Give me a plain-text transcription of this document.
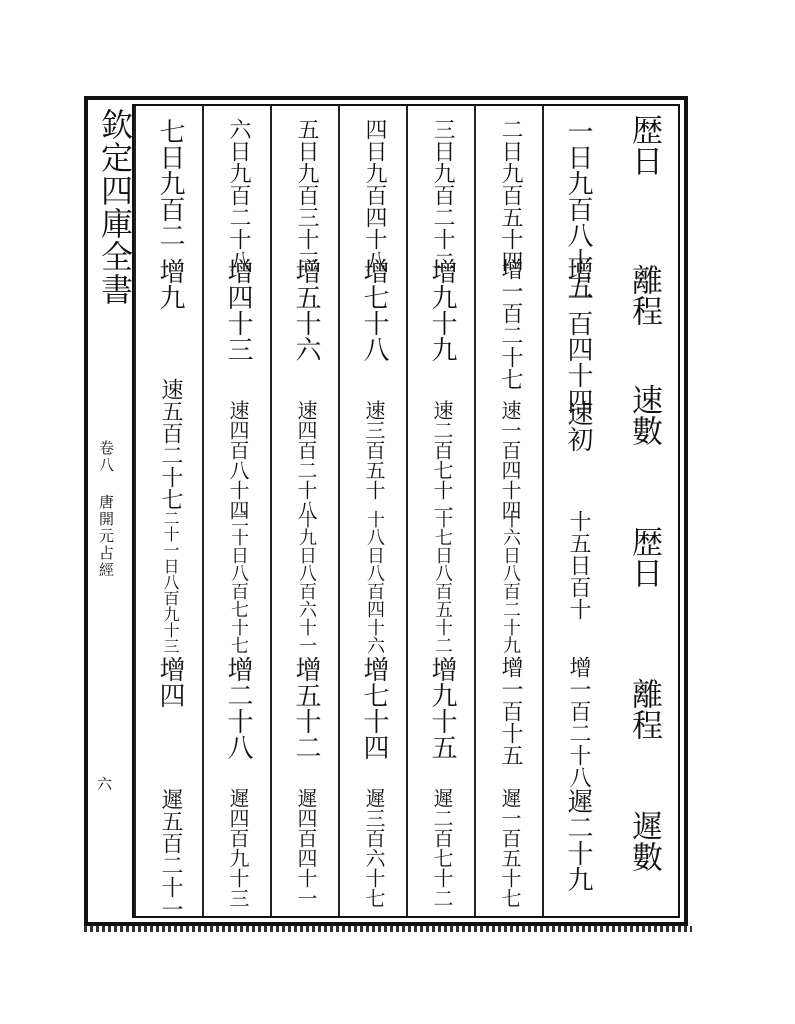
欽定四庫全書
卷八 唐開元占經
六
歴日
離程
速數
歴日
離程
遲數
一日九百八十五
增一百四十四
速初
十五日百十
增一百二十八
遲二十九
二日九百五十四
增一百二十七
速一百四十四
十六日八百二十九
增一百十五
遲一百五十七
三日九百二十二
增九十九
速二百七十一
十七日八百五十二
增九十五
遲二百七十二
四日九百四十八
增七十八
速三百五十
十八日八百四十六
增七十四
遲三百六十七
五日九百三十三
增五十六
速四百二十八
十九日八百六十一
增五十二
遲四百四十一
六日九百二十八
增四十三
速四百八十四
二十日八百七十七
增二十八
遲四百九十三
七日九百二
增九
速五百二十七
二十一日八百九十三
增四
遲五百二十一
